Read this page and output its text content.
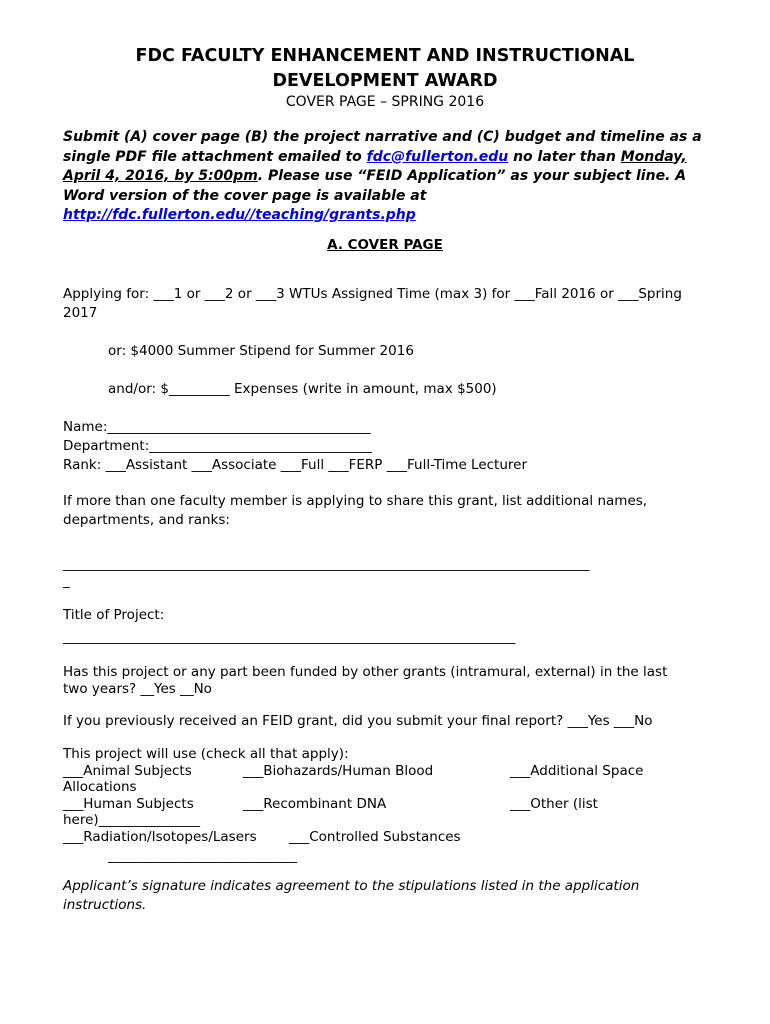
FDC FACULTY ENHANCEMENT AND INSTRUCTIONAL
DEVELOPMENT AWARD
COVER PAGE – SPRING 2016
Submit (A) cover page (B) the project narrative and (C) budget and timeline as a single PDF file attachment emailed to fdc@fullerton.edu no later than Monday, April 4, 2016, by 5:00pm. Please use “FEID Application” as your subject line. A Word version of the cover page is available at http://fdc.fullerton.edu//teaching/grants.php
A. COVER PAGE
Applying for: ___1 or ___2 or ___3 WTUs Assigned Time (max 3) for ___Fall 2016 or ___Spring
2017
or: $4000 Summer Stipend for Summer 2016
and/or: $_________ Expenses (write in amount, max $500)
Name:_______________________________________
Department:_________________________________
Rank: ___Assistant ___Associate ___Full ___FERP ___Full-Time Lecturer
If more than one faculty member is applying to share this grant, list additional names,
departments, and ranks:
______________________________________________________________________________
_
Title of Project:
___________________________________________________________________
Has this project or any part been funded by other grants (intramural, external) in the last
two years? __Yes __No
If you previously received an FEID grant, did you submit your final report? ___Yes ___No
This project will use (check all that apply):
___Animal Subjects	___Biohazards/Human Blood	___Additional Space
Allocations
___Human Subjects	___Recombinant DNA	___Other (list
here)_______________
___Radiation/Isotopes/Lasers ___Controlled Substances
____________________________
Applicant’s signature indicates agreement to the stipulations listed in the application instructions.
